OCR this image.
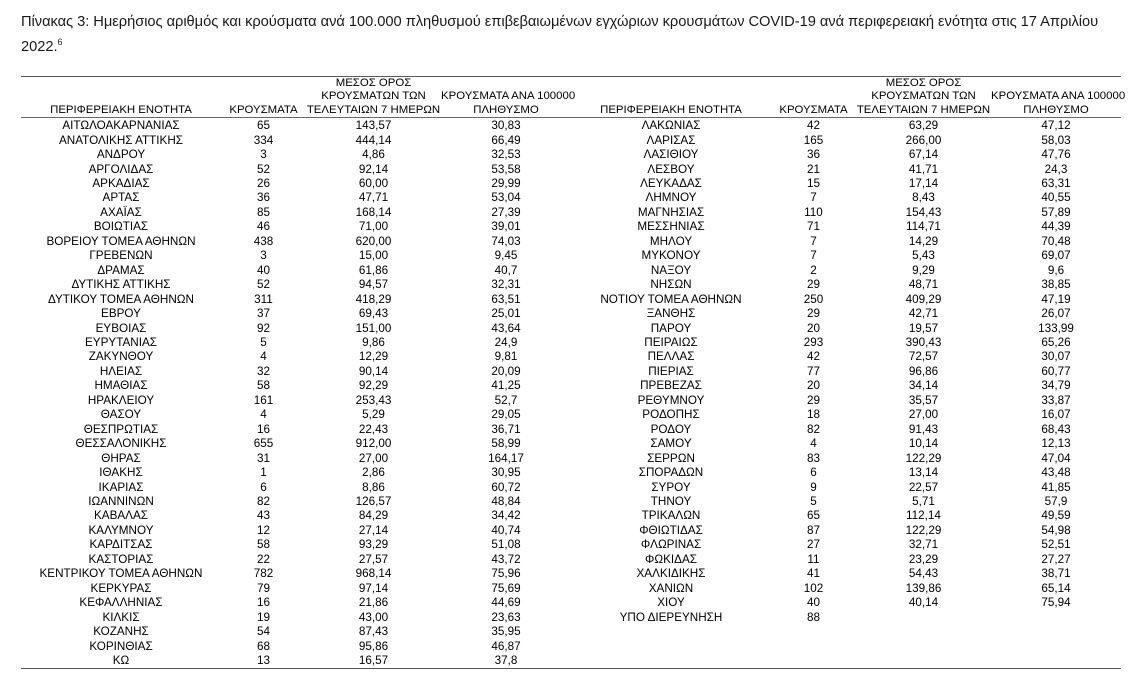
Πίνακας 3: Ημερήσιος αριθμός και κρούσματα ανά 100.000 πληθυσμού επιβεβαιωμένων εγχώριων κρουσμάτων COVID-19 ανά περιφερειακή ενότητα στις 17 Απριλίου 2022.$^6$
ΠΕΡΙΦΕΡΕΙΑΚΗ ΕΝΟΤΗΤΑ	ΚΡΟΥΣΜΑΤΑ	ΜΕΣΟΣ ΟΡΟΣ
ΚΡΟΥΣΜΑΤΩΝ ΤΩΝ
ΤΕΛΕΥΤΑΙΩΝ 7 ΗΜΕΡΩΝ	ΚΡΟΥΣΜΑΤΑ ΑΝΑ 100000
ΠΛΗΘΥΣΜΟ	ΠΕΡΙΦΕΡΕΙΑΚΗ ΕΝΟΤΗΤΑ	ΚΡΟΥΣΜΑΤΑ	ΜΕΣΟΣ ΟΡΟΣ
ΚΡΟΥΣΜΑΤΩΝ ΤΩΝ
ΤΕΛΕΥΤΑΙΩΝ 7 ΗΜΕΡΩΝ	ΚΡΟΥΣΜΑΤΑ ΑΝΑ 100000
ΠΛΗΘΥΣΜΟ

ΑΙΤΩΛΟΑΚΑΡΝΑΝΙΑΣ	65	143,57	30,83	ΛΑΚΩΝΙΑΣ	42	63,29	47,12
ΑΝΑΤΟΛΙΚΗΣ ΑΤΤΙΚΗΣ	334	444,14	66,49	ΛΑΡΙΣΑΣ	165	266,00	58,03
ΑΝΔΡΟΥ	3	4,86	32,53	ΛΑΣΙΘΙΟΥ	36	67,14	47,76
ΑΡΓΟΛΙΔΑΣ	52	92,14	53,58	ΛΕΣΒΟΥ	21	41,71	24,3
ΑΡΚΑΔΙΑΣ	26	60,00	29,99	ΛΕΥΚΑΔΑΣ	15	17,14	63,31
ΑΡΤΑΣ	36	47,71	53,04	ΛΗΜΝΟΥ	7	8,43	40,55
ΑΧΑΪΑΣ	85	168,14	27,39	ΜΑΓΝΗΣΙΑΣ	110	154,43	57,89
ΒΟΙΩΤΙΑΣ	46	71,00	39,01	ΜΕΣΣΗΝΙΑΣ	71	114,71	44,39
ΒΟΡΕΙΟΥ ΤΟΜΕΑ ΑΘΗΝΩΝ	438	620,00	74,03	ΜΗΛΟΥ	7	14,29	70,48
ΓΡΕΒΕΝΩΝ	3	15,00	9,45	ΜΥΚΟΝΟΥ	7	5,43	69,07
ΔΡΑΜΑΣ	40	61,86	40,7	ΝΑΞΟΥ	2	9,29	9,6
ΔΥΤΙΚΗΣ ΑΤΤΙΚΗΣ	52	94,57	32,31	ΝΗΣΩΝ	29	48,71	38,85
ΔΥΤΙΚΟΥ ΤΟΜΕΑ ΑΘΗΝΩΝ	311	418,29	63,51	ΝΟΤΙΟΥ ΤΟΜΕΑ ΑΘΗΝΩΝ	250	409,29	47,19
ΕΒΡΟΥ	37	69,43	25,01	ΞΑΝΘΗΣ	29	42,71	26,07
ΕΥΒΟΙΑΣ	92	151,00	43,64	ΠΑΡΟΥ	20	19,57	133,99
ΕΥΡΥΤΑΝΙΑΣ	5	9,86	24,9	ΠΕΙΡΑΙΩΣ	293	390,43	65,26
ΖΑΚΥΝΘΟΥ	4	12,29	9,81	ΠΕΛΛΑΣ	42	72,57	30,07
ΗΛΕΙΑΣ	32	90,14	20,09	ΠΙΕΡΙΑΣ	77	96,86	60,77
ΗΜΑΘΙΑΣ	58	92,29	41,25	ΠΡΕΒΕΖΑΣ	20	34,14	34,79
ΗΡΑΚΛΕΙΟΥ	161	253,43	52,7	ΡΕΘΥΜΝΟΥ	29	35,57	33,87
ΘΑΣΟΥ	4	5,29	29,05	ΡΟΔΟΠΗΣ	18	27,00	16,07
ΘΕΣΠΡΩΤΙΑΣ	16	22,43	36,71	ΡΟΔΟΥ	82	91,43	68,43
ΘΕΣΣΑΛΟΝΙΚΗΣ	655	912,00	58,99	ΣΑΜΟΥ	4	10,14	12,13
ΘΗΡΑΣ	31	27,00	164,17	ΣΕΡΡΩΝ	83	122,29	47,04
ΙΘΑΚΗΣ	1	2,86	30,95	ΣΠΟΡΑΔΩΝ	6	13,14	43,48
ΙΚΑΡΙΑΣ	6	8,86	60,72	ΣΥΡΟΥ	9	22,57	41,85
ΙΩΑΝΝΙΝΩΝ	82	126,57	48,84	ΤΗΝΟΥ	5	5,71	57,9
ΚΑΒΑΛΑΣ	43	84,29	34,42	ΤΡΙΚΑΛΩΝ	65	112,14	49,59
ΚΑΛΥΜΝΟΥ	12	27,14	40,74	ΦΘΙΩΤΙΔΑΣ	87	122,29	54,98
ΚΑΡΔΙΤΣΑΣ	58	93,29	51,08	ΦΛΩΡΙΝΑΣ	27	32,71	52,51
ΚΑΣΤΟΡΙΑΣ	22	27,57	43,72	ΦΩΚΙΔΑΣ	11	23,29	27,27
ΚΕΝΤΡΙΚΟΥ ΤΟΜΕΑ ΑΘΗΝΩΝ	782	968,14	75,96	ΧΑΛΚΙΔΙΚΗΣ	41	54,43	38,71
ΚΕΡΚΥΡΑΣ	79	97,14	75,69	ΧΑΝΙΩΝ	102	139,86	65,14
ΚΕΦΑΛΛΗΝΙΑΣ	16	21,86	44,69	ΧΙΟΥ	40	40,14	75,94
ΚΙΛΚΙΣ	19	43,00	23,63	ΥΠΟ ΔΙΕΡΕΥΝΗΣΗ	88		
ΚΟΖΑΝΗΣ	54	87,43	35,95				
ΚΟΡΙΝΘΙΑΣ	68	95,86	46,87				
ΚΩ	13	16,57	37,8				
